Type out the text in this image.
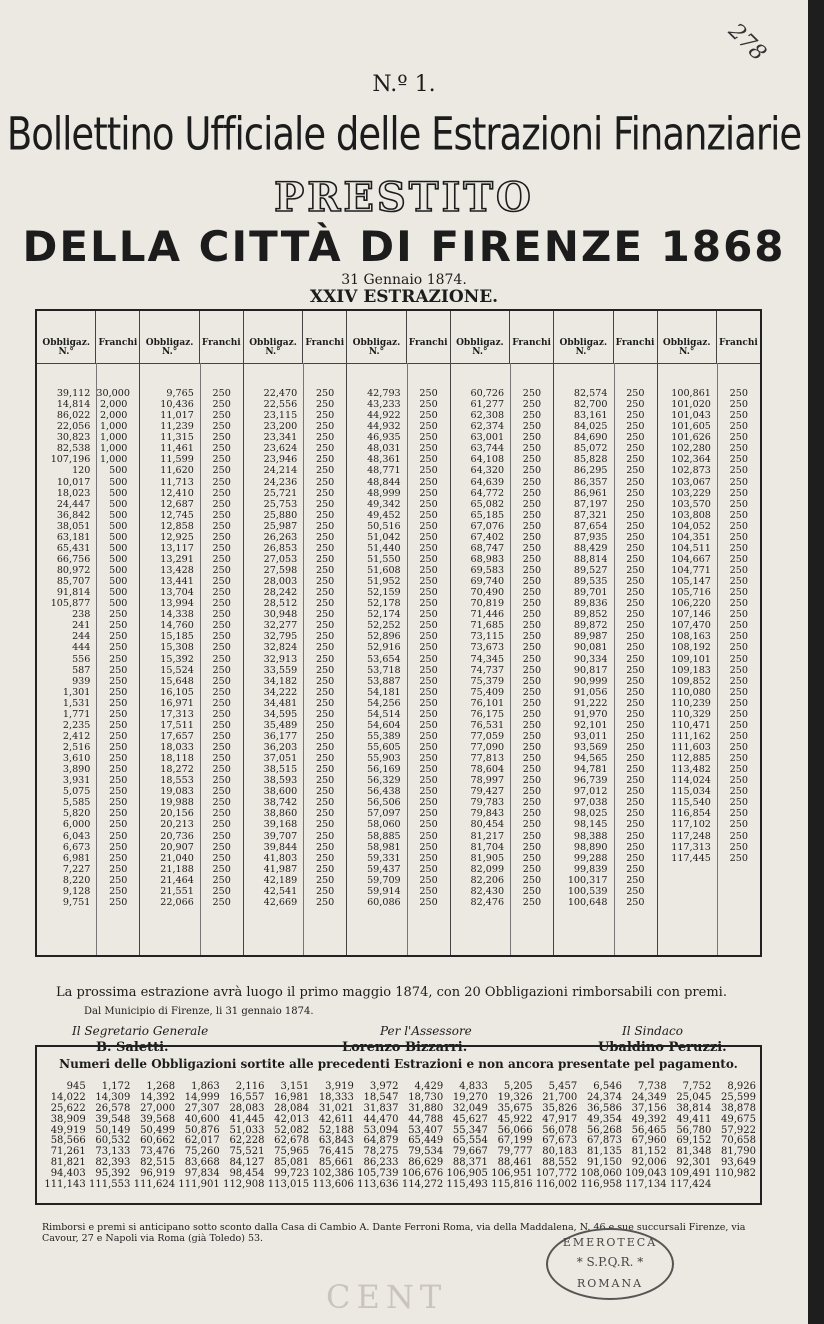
278
N.º 1.
Bollettino Ufficiale delle Estrazioni Finanziarie
PRESTITO
DELLA CITTÀ DI FIRENZE 1868
31 Gennaio 1874.
XXIV ESTRAZIONE.
Obbligaz.
N.°
Franchi
39,112 30,000
14,814 2,000
86,022 2,000
22,056 1,000
30,823 1,000
82,538 1,000
107,196 1,000
120	500
10,017	500
18,023	500
24,447	500
36,842	500
38,051	500
63,181	500
65,431	500
66,756	500
80,972	500
85,707	500
91,814	500
105,877	500
238	250
241	250
244	250
444	250
556	250
587	250
939	250
1,301	250
1,531	250
1,771	250
2,235	250
2,412	250
2,516	250
3,610	250
3,890	250
3,931	250
5,075	250
5,585	250
5,820	250
6,000	250
6,043	250
6,673	250
6,981	250
7,227	250
8,220	250
9,128	250
9,751	250
Obbligaz.
N.°
Franchi
9,765	250
10,436	250
11,017	250
11,239	250
11,315	250
11,461	250
11,599	250
11,620	250
11,713	250
12,410	250
12,687	250
12,745	250
12,858	250
12,925	250
13,117	250
13,291	250
13,428	250
13,441	250
13,704	250
13,994	250
14,338	250
14,760	250
15,185	250
15,308	250
15,392	250
15,524	250
15,648	250
16,105	250
16,971	250
17,313	250
17,511	250
17,657	250
18,033	250
18,118	250
18,272	250
18,553	250
19,083	250
19,988	250
20,156	250
20,213	250
20,736	250
20,907	250
21,040	250
21,188	250
21,464	250
21,551	250
22,066	250
Obbligaz.
N.°
Franchi
22,470	250
22,556	250
23,115	250
23,200	250
23,341	250
23,624	250
23,946	250
24,214	250
24,236	250
25,721	250
25,753	250
25,880	250
25,987	250
26,263	250
26,853	250
27,053	250
27,598	250
28,003	250
28,242	250
28,512	250
30,948	250
32,277	250
32,795	250
32,824	250
32,913	250
33,559	250
34,182	250
34,222	250
34,481	250
34,595	250
35,489	250
36,177	250
36,203	250
37,051	250
38,515	250
38,593	250
38,600	250
38,742	250
38,860	250
39,168	250
39,707	250
39,844	250
41,803	250
41,987	250
42,189	250
42,541	250
42,669	250
Obbligaz.
N.°
Franchi
42,793	250
43,233	250
44,922	250
44,932	250
46,935	250
48,031	250
48,361	250
48,771	250
48,844	250
48,999	250
49,342	250
49,452	250
50,516	250
51,042	250
51,440	250
51,550	250
51,608	250
51,952	250
52,159	250
52,178	250
52,174	250
52,252	250
52,896	250
52,916	250
53,654	250
53,718	250
53,887	250
54,181	250
54,256	250
54,514	250
54,604	250
55,389	250
55,605	250
55,903	250
56,169	250
56,329	250
56,438	250
56,506	250
57,097	250
58,060	250
58,885	250
58,981	250
59,331	250
59,437	250
59,709	250
59,914	250
60,086	250
Obbligaz.
N.°
Franchi
60,726	250
61,277	250
62,308	250
62,374	250
63,001	250
63,744	250
64,108	250
64,320	250
64,639	250
64,772	250
65,082	250
65,185	250
67,076	250
67,402	250
68,747	250
68,983	250
69,583	250
69,740	250
70,490	250
70,819	250
71,446	250
71,685	250
73,115	250
73,673	250
74,345	250
74,737	250
75,379	250
75,409	250
76,101	250
76,175	250
76,531	250
77,059	250
77,090	250
77,813	250
78,604	250
78,997	250
79,427	250
79,783	250
79,843	250
80,454	250
81,217	250
81,704	250
81,905	250
82,099	250
82,206	250
82,430	250
82,476	250
Obbligaz.
N.°
Franchi
82,574	250
82,700	250
83,161	250
84,025	250
84,690	250
85,072	250
85,828	250
86,295	250
86,357	250
86,961	250
87,197	250
87,321	250
87,654	250
87,935	250
88,429	250
88,814	250
89,527	250
89,535	250
89,701	250
89,836	250
89,852	250
89,872	250
89,987	250
90,081	250
90,334	250
90,817	250
90,999	250
91,056	250
91,222	250
91,970	250
92,101	250
93,011	250
93,569	250
94,565	250
94,781	250
96,739	250
97,012	250
97,038	250
98,025	250
98,145	250
98,388	250
98,890	250
99,288	250
99,839	250
100,317	250
100,539	250
100,648	250
Obbligaz.
N.°
Franchi
100,861	250
101,020	250
101,043	250
101,605	250
101,626	250
102,280	250
102,364	250
102,873	250
103,067	250
103,229	250
103,570	250
103,808	250
104,052	250
104,351	250
104,511	250
104,667	250
104,771	250
105,147	250
105,716	250
106,220	250
107,146	250
107,470	250
108,163	250
108,192	250
109,101	250
109,183	250
109,852	250
110,080	250
110,239	250
110,329	250
110,471	250
111,162	250
111,603	250
112,885	250
113,482	250
114,024	250
115,034	250
115,540	250
116,854	250
117,102	250
117,248	250
117,313	250
117,445	250
La prossima estrazione avrà luogo il primo maggio 1874, con 20 Obbligazioni rimborsabili con premi.
Dal Municipio di Firenze, li 31 gennaio 1874.
Il Segretario Generale
B. Saletti.
Per l'Assessore
Lorenzo Bizzarri.
Il Sindaco
Ubaldino Peruzzi.
Numeri delle Obbligazioni sortite alle precedenti Estrazioni e non ancora presentate pel pagamento.
945	1,172	1,268	1,863	2,116	3,151	3,919	3,972	4,429	4,833	5,205	5,457	6,546	7,738	7,752	8,926
14,022 14,309 14,392 14,999 16,557 16,981 18,333 18,547 18,730 19,270 19,326 21,700 24,374 24,349 25,045 25,599
25,622 26,578 27,000 27,307 28,083 28,084 31,021 31,837 31,880 32,049 35,675 35,826 36,586 37,156 38,814 38,878
38,909 39,548 39,568 40,600 41,445 42,013 42,611 44,470 44,788 45,627 45,922 47,917 49,354 49,392 49,411 49,675
49,919 50,149 50,499 50,876 51,033 52,082 52,188 53,094 53,407 55,347 56,066 56,078 56,268 56,465 56,780 57,922
58,566 60,532 60,662 62,017 62,228 62,678 63,843 64,879 65,449 65,554 67,199 67,673 67,873 67,960 69,152 70,658
71,261 73,133 73,476 75,260 75,521 75,965 76,415 78,275 79,534 79,667 79,777 80,183 81,135 81,152 81,348 81,790
81,821 82,393 82,515 83,668 84,127 85,081 85,661 86,233 86,629 88,371 88,461 88,552 91,150 92,006 92,301 93,649
94,403 95,392 96,919 97,834 98,454 99,723 102,386 105,739 106,676 106,905 106,951 107,772 108,060 109,043 109,491 110,982
111,143 111,553 111,624 111,901 112,908 113,015 113,606 113,636 114,272 115,493 115,816 116,002 116,958 117,134 117,424
Rimborsi e premi si anticipano sotto sconto dalla Casa di Cambio A. Dante Ferroni Roma, via della Maddalena, N. 46 e sue succursali Firenze, via Cavour, 27 e Napoli via Roma (già Toledo) 53.	EMEROTECA
* S.P.Q.R. *
ROMANA
CENT
